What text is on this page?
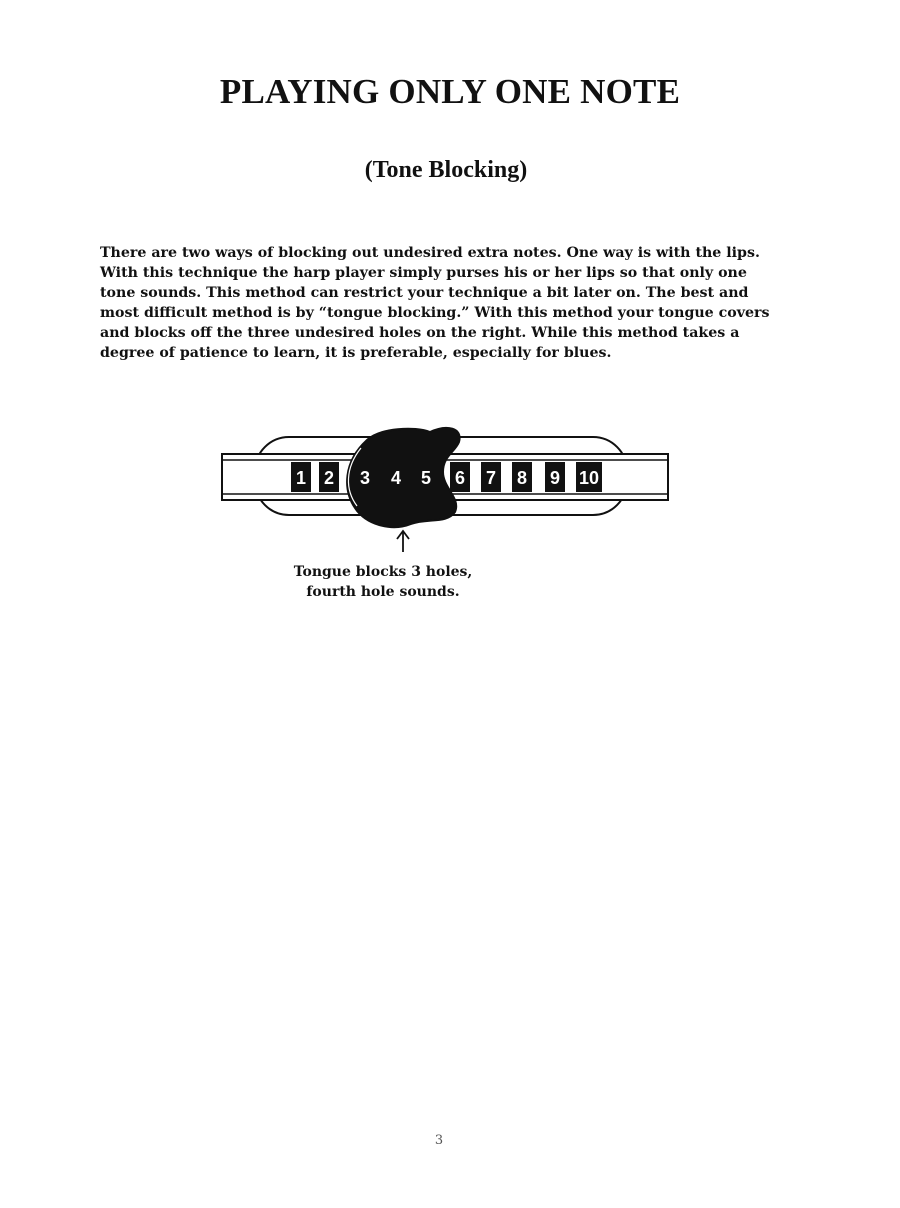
PLAYING ONLY ONE NOTE
(Tone Blocking)

There are two ways of blocking out undesired extra notes. One way is with the lips.
With this technique the harp player simply purses his or her lips so that only one
tone sounds. This method can restrict your technique a bit later on. The best and
most difficult method is by “tongue blocking.” With this method your tongue covers
and blocks off the three undesired holes on the right. While this method takes a
degree of patience to learn, it is preferable, especially for blues.

1 2 3 4 5 6 7 8 9 10

Tongue blocks 3 holes,
fourth hole sounds.

3
